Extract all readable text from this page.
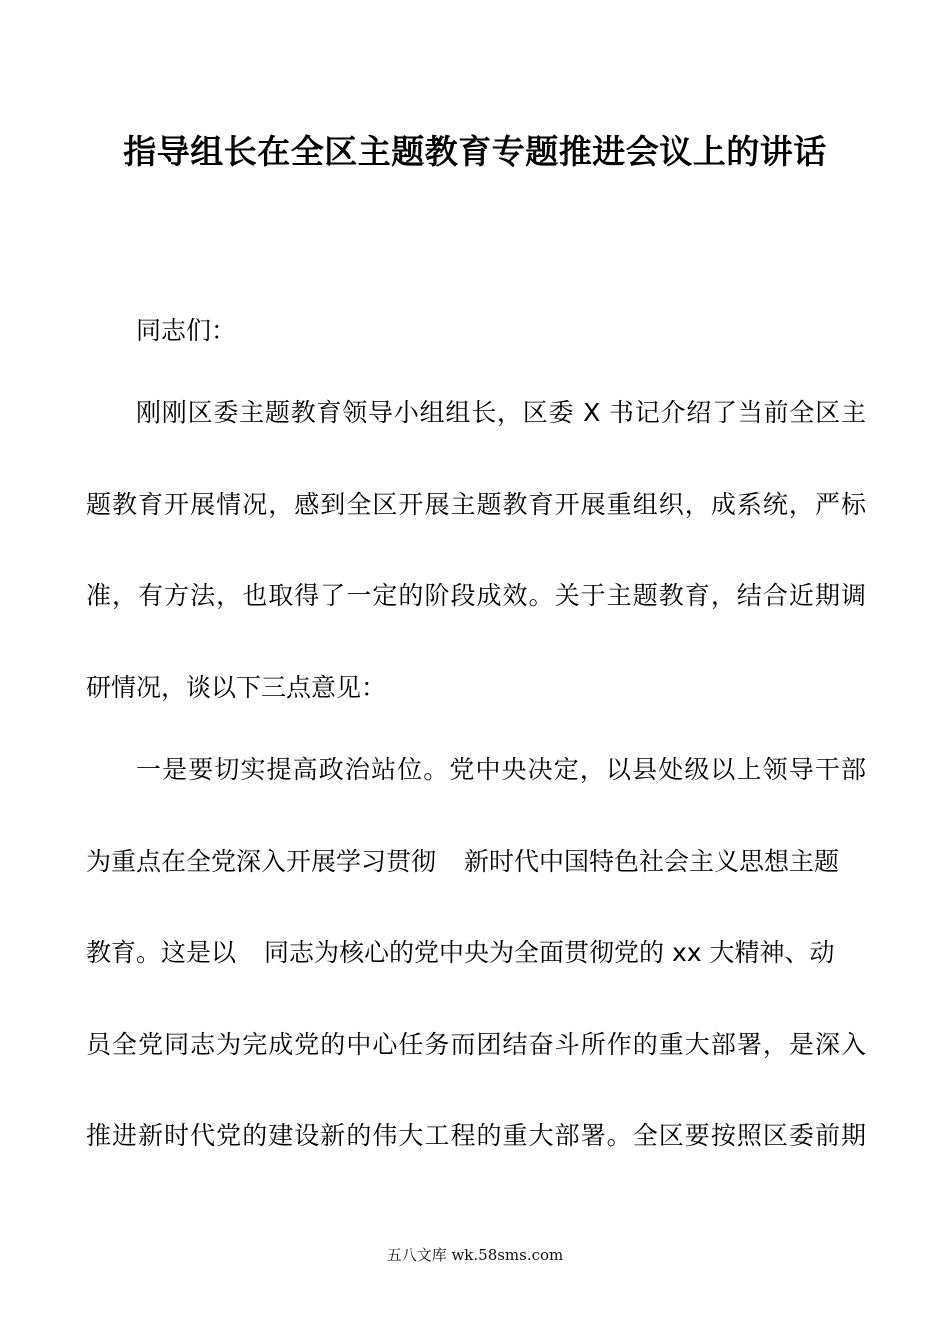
指导组长在全区主题教育专题推进会议上的讲话
同志们：
刚刚区委主题教育领导小组组长，区委 X 书记介绍了当前全区主
题教育开展情况，感到全区开展主题教育开展重组织，成系统，严标
准，有方法，也取得了一定的阶段成效。关于主题教育，结合近期调
研情况，谈以下三点意见：
一是要切实提高政治站位。党中央决定，以县处级以上领导干部
为重点在全党深入开展学习贯彻 新时代中国特色社会主义思想主题
教育。这是以 同志为核心的党中央为全面贯彻党的 xx 大精神、动
员全党同志为完成党的中心任务而团结奋斗所作的重大部署，是深入
推进新时代党的建设新的伟大工程的重大部署。全区要按照区委前期
五八文库 wk.58sms.com
